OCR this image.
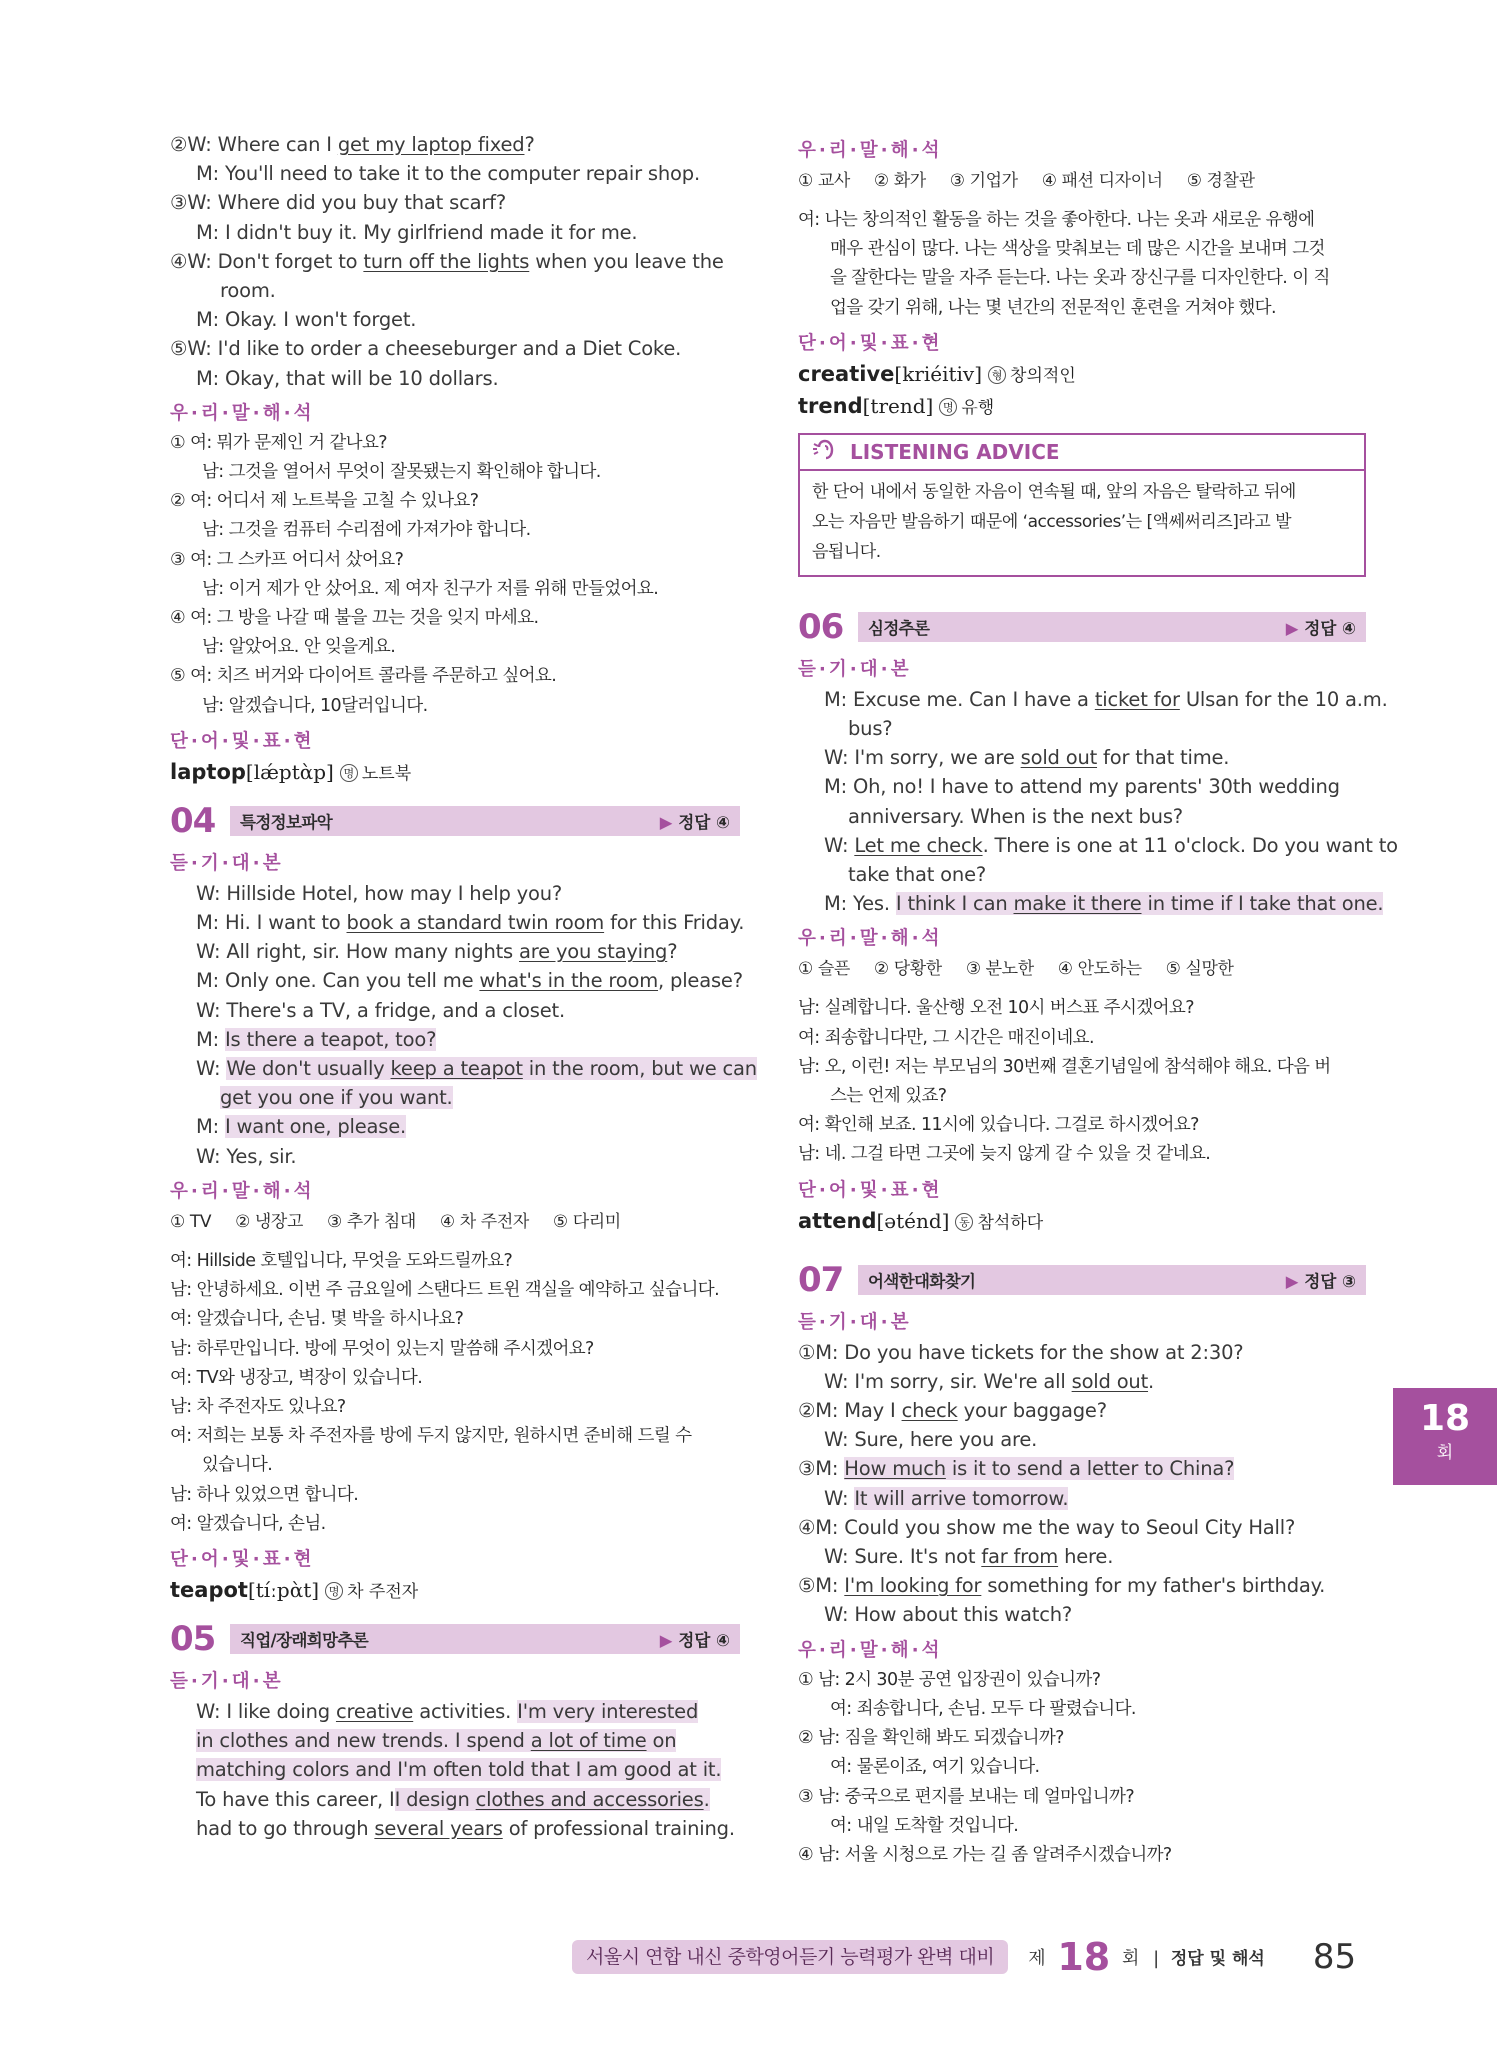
②W: Where can I get my laptop fixed?
M: You'll need to take it to the computer repair shop.
③W: Where did you buy that scarf?
M: I didn't buy it. My girlfriend made it for me.
④W: Don't forget to turn off the lights when you leave the
room.
M: Okay. I won't forget.
⑤W: I'd like to order a cheeseburger and a Diet Coke.
M: Okay, that will be 10 dollars.
우·리·말·해·석
① 여: 뭐가 문제인 거 같나요?
남: 그것을 열어서 무엇이 잘못됐는지 확인해야 합니다.
② 여: 어디서 제 노트북을 고칠 수 있나요?
남: 그것을 컴퓨터 수리점에 가져가야 합니다.
③ 여: 그 스카프 어디서 샀어요?
남: 이거 제가 안 샀어요. 제 여자 친구가 저를 위해 만들었어요.
④ 여: 그 방을 나갈 때 불을 끄는 것을 잊지 마세요.
남: 알았어요. 안 잊을게요.
⑤ 여: 치즈 버거와 다이어트 콜라를 주문하고 싶어요.
남: 알겠습니다, 10달러입니다.
단·어·및·표·현
laptop[lǽptὰp] 명 노트북
04	특정정보파악	▶ 정답 ④
듣·기·대·본
W: Hillside Hotel, how may I help you?
M: Hi. I want to book a standard twin room for this Friday.
W: All right, sir. How many nights are you staying?
M: Only one. Can you tell me what's in the room, please?
W: There's a TV, a fridge, and a closet.
M: Is there a teapot, too?
W: We don't usually keep a teapot in the room, but we can
get you one if you want.
M: I want one, please.
W: Yes, sir.
우·리·말·해·석
① TV ② 냉장고 ③ 추가 침대 ④ 차 주전자 ⑤ 다리미
여: Hillside 호텔입니다, 무엇을 도와드릴까요?
남: 안녕하세요. 이번 주 금요일에 스탠다드 트윈 객실을 예약하고 싶습니다.
여: 알겠습니다, 손님. 몇 박을 하시나요?
남: 하루만입니다. 방에 무엇이 있는지 말씀해 주시겠어요?
여: TV와 냉장고, 벽장이 있습니다.
남: 차 주전자도 있나요?
여: 저희는 보통 차 주전자를 방에 두지 않지만, 원하시면 준비해 드릴 수
있습니다.
남: 하나 있었으면 합니다.
여: 알겠습니다, 손님.
단·어·및·표·현
teapot[tíːpὰt] 명 차 주전자
05	직업/장래희망추론	▶ 정답 ④
듣·기·대·본
W: I like doing creative activities. I'm very interested
in clothes and new trends. I spend a lot of time on
matching colors and I'm often told that I am good at it.
To have this career, II design clothes and accessories.
had to go through several years of professional training.
우·리·말·해·석
① 교사 ② 화가 ③ 기업가 ④ 패션 디자이너 ⑤ 경찰관
여: 나는 창의적인 활동을 하는 것을 좋아한다. 나는 옷과 새로운 유행에
매우 관심이 많다. 나는 색상을 맞춰보는 데 많은 시간을 보내며 그것
을 잘한다는 말을 자주 듣는다. 나는 옷과 장신구를 디자인한다. 이 직
업을 갖기 위해, 나는 몇 년간의 전문적인 훈련을 거쳐야 했다.
단·어·및·표·현
creative[kriéitiv] 형 창의적인
trend[trend] 명 유행
LISTENING ADVICE
한 단어 내에서 동일한 자음이 연속될 때, 앞의 자음은 탈락하고 뒤에
오는 자음만 발음하기 때문에 ‘accessories’는 [액쎄써리즈]라고 발
음됩니다.
06	심정추론	▶ 정답 ④
듣·기·대·본
M: Excuse me. Can I have a ticket for Ulsan for the 10 a.m.
bus?
W: I'm sorry, we are sold out for that time.
M: Oh, no! I have to attend my parents' 30th wedding
anniversary. When is the next bus?
W: Let me check. There is one at 11 o'clock. Do you want to
take that one?
M: Yes. I think I can make it there in time if I take that one.
우·리·말·해·석
① 슬픈 ② 당황한 ③ 분노한 ④ 안도하는 ⑤ 실망한
남: 실례합니다. 울산행 오전 10시 버스표 주시겠어요?
여: 죄송합니다만, 그 시간은 매진이네요.
남: 오, 이런! 저는 부모님의 30번째 결혼기념일에 참석해야 해요. 다음 버
스는 언제 있죠?
여: 확인해 보죠. 11시에 있습니다. 그걸로 하시겠어요?
남: 네. 그걸 타면 그곳에 늦지 않게 갈 수 있을 것 같네요.
단·어·및·표·현
attend[əténd] 동 참석하다
07	어색한대화찾기	▶ 정답 ③
듣·기·대·본
①M: Do you have tickets for the show at 2:30?
W: I'm sorry, sir. We're all sold out.
②M: May I check your baggage?
W: Sure, here you are.
③M: How much is it to send a letter to China?
W: It will arrive tomorrow.
④M: Could you show me the way to Seoul City Hall?
W: Sure. It's not far from here.
⑤M: I'm looking for something for my father's birthday.
W: How about this watch?
우·리·말·해·석
① 남: 2시 30분 공연 입장권이 있습니까?
여: 죄송합니다, 손님. 모두 다 팔렸습니다.
② 남: 짐을 확인해 봐도 되겠습니까?
여: 물론이죠, 여기 있습니다.
③ 남: 중국으로 편지를 보내는 데 얼마입니까?
여: 내일 도착할 것입니다.
④ 남: 서울 시청으로 가는 길 좀 알려주시겠습니까?
18
회
서울시 연합 내신 중학영어듣기 능력평가 완벽 대비	제 18 회 | 정답 및 해석 85
